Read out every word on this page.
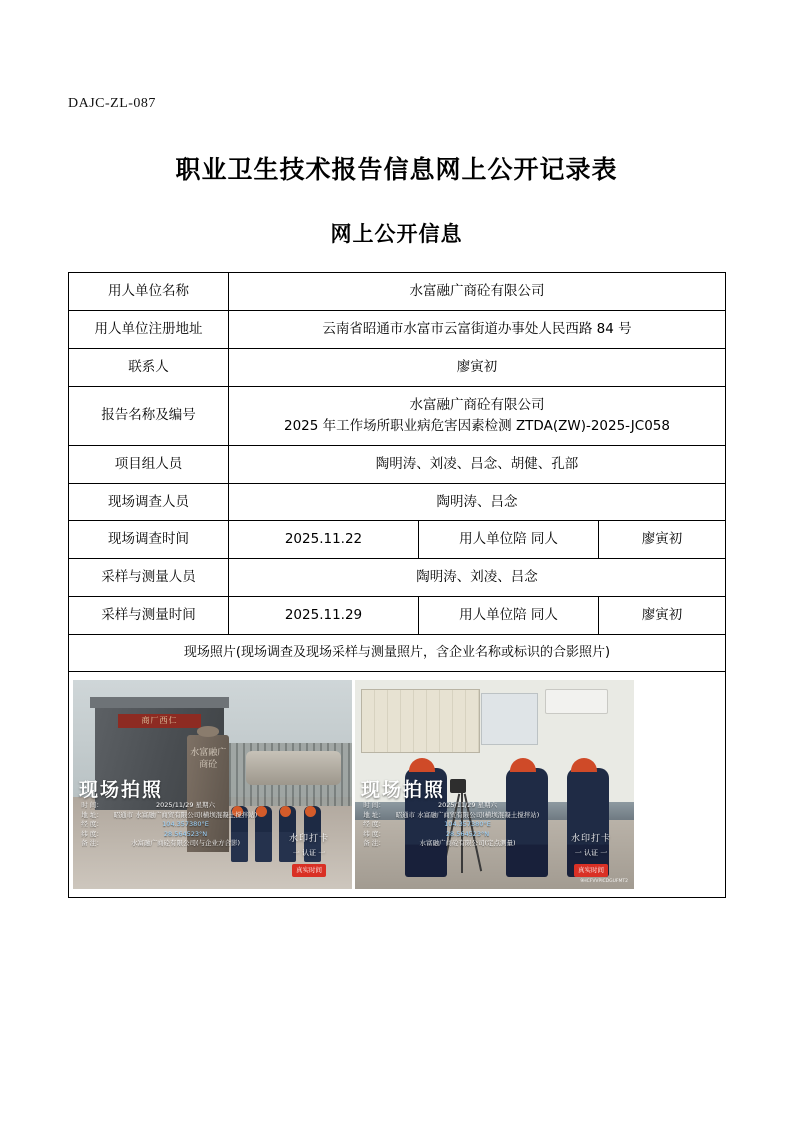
DAJC-ZL-087
职业卫生技术报告信息网上公开记录表
网上公开信息
用人单位名称	水富融广商砼有限公司		
用人单位注册地址	云南省昭通市水富市云富街道办事处人民西路 84 号		
联系人	廖寅初		
报告名称及编号	水富融广商砼有限公司
2025 年工作场所职业病危害因素检测 ZTDA(ZW)-2025-JC058		

项目组人员	陶明涛、刘凌、吕念、胡健、孔部		
现场调查人员	陶明涛、吕念		
现场调查时间	2025.11.22	用人单位陪 同人	廖寅初
采样与测量人员	陶明涛、刘凌、吕念		
采样与测量时间	2025.11.29	用人单位陪 同人	廖寅初
现场照片(现场调查及现场采样与测量照片，含企业名称或标识的合影照片)			

商厂西仁
水富融广商砼
现场拍照
时 间：	2025/11/29 星期六
地 址：	昭通市 水富融广商贸有限公司(横坝混凝土搅拌站)
经 度：	104.357380°E
纬 度：	28.564523°N
备 注：	水富融广商砼有限公司(与企业方合影)	水印打卡
一 认证 一
真实时间
现场拍照
时 间：	2025/11/29 星期六
地 址：	昭通市 水富融广商贸有限公司(横坝混凝土搅拌站)
经 度：	104.357380°E
纬 度：	28.564523°N
备 注：	水富融广商砼有限公司(定点测量)	水印打卡
一 认证 一
真实时间
9HCFVVPICDGUFMT2
